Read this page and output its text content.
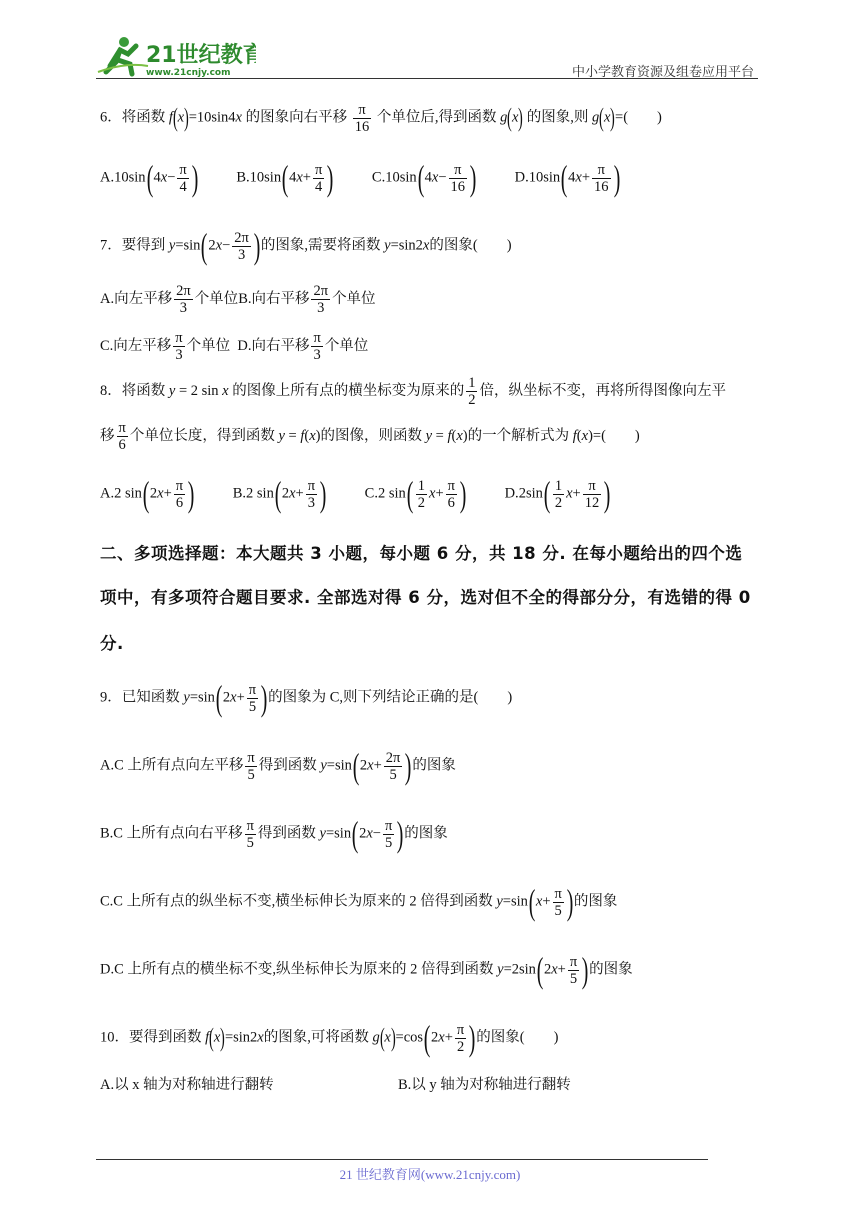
21世纪教育
www.21cnjy.com	中小学教育资源及组卷应用平台
6．将函数 f(x)=10sin4x 的图象向右平移 $\frac{\pi}{16}$ 个单位后,得到函数 g(x) 的图象,则 g(x)=(　　)
$A.10\sin(4x- \frac{\pi}{4}$ )	$B.10\sin(4x+ \frac{\pi}{4}$ )	$C.10\sin(4x- \frac{\pi}{16}$ )	$D.10\sin(4x+ \frac{\pi}{16}$ )
7．要得到 $y=\sin(2x- \frac{2\pi}{3}$ )的图象,需要将函数 y=sin2x的图象(　　)
A.向左平移 $\frac{2\pi}{3}$ 个单位B.向右平移 $\frac{2\pi}{3}$ 个单位
C.向左平移 $\frac{\pi}{3}$ 个单位 D.向右平移 $\frac{\pi}{3}$ 个单位
8．将函数 y = 2 sin x 的图像上所有点的横坐标变为原来的 $\frac{1}{2}$ 倍，纵坐标不变，再将所得图像向左平
移 $\frac{\pi}{6}$ 个单位长度，得到函数 y = f(x)的图像，则函数 y = f(x)的一个解析式为 f(x)=(　　)
A.2 $\sin(2x+ \frac{\pi}{6}$ )	B.2 $\sin(2x+ \frac{\pi}{3}$ )	C.2 $\sin( \frac{1}{2} x+ \frac{\pi}{6}$ )	$D.2\sin( \frac{1}{2} x+ \frac{\pi}{12}$ )
二、多项选择题：本大题共 3 小题，每小题 6 分，共 18 分. 在每小题给出的四个选
项中，有多项符合题目要求. 全部选对得 6 分，选对但不全的得部分分，有选错的得 0
分.
9．已知函数 $y=\sin(2x+ \frac{\pi}{5}$ )的图象为 C,则下列结论正确的是(　　)
A.C 上所有点向左平移 $\frac{\pi}{5}$ 得到函数 $y=\sin(2x+ \frac{2\pi}{5}$ )的图象
B.C 上所有点向右平移 $\frac{\pi}{5}$ 得到函数 $y=\sin(2x- \frac{\pi}{5}$ )的图象
C.C 上所有点的纵坐标不变,横坐标伸长为原来的 2 倍得到函数 $y=\sin(x+ \frac{\pi}{5}$ )的图象
D.C 上所有点的横坐标不变,纵坐标伸长为原来的 2 倍得到函数 $y=2\sin(2x+ \frac{\pi}{5}$ )的图象
10．要得到函数 f(x)=sin2x的图象,可将函数 $g(x)=\cos(2x+ \frac{\pi}{2}$ )的图象(　　)
A.以 x 轴为对称轴进行翻转	B.以 y 轴为对称轴进行翻转
21 世纪教育网(www.21cnjy.com)
